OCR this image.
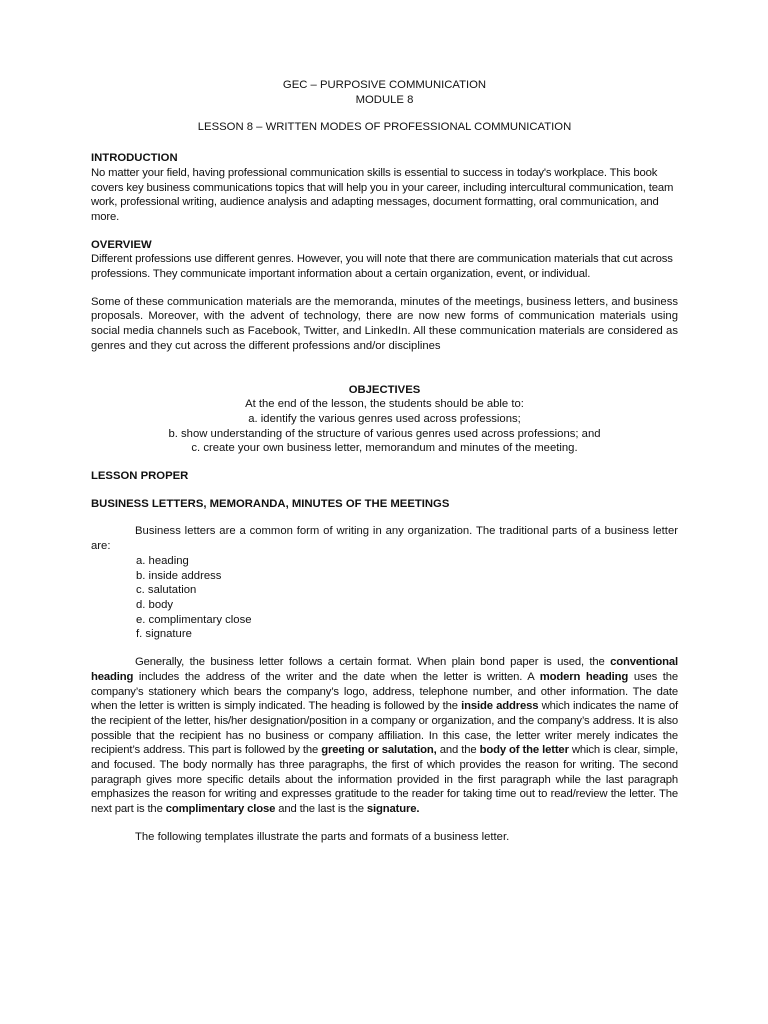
GEC – PURPOSIVE COMMUNICATION

MODULE 8

LESSON 8 – WRITTEN MODES OF PROFESSIONAL COMMUNICATION

INTRODUCTION

No matter your field, having professional communication skills is essential to success in today's workplace. This book covers key business communications topics that will help you in your career, including intercultural communication, team work, professional writing, audience analysis and adapting messages, document formatting, oral communication, and more.

OVERVIEW

Different professions use different genres. However, you will note that there are communication materials that cut across professions. They communicate important information about a certain organization, event, or individual.

Some of these communication materials are the memoranda, minutes of the meetings, business letters, and business proposals. Moreover, with the advent of technology, there are now new forms of communication materials using social media channels such as Facebook, Twitter, and LinkedIn. All these communication materials are considered as genres and they cut across the different professions and/or disciplines

OBJECTIVES

At the end of the lesson, the students should be able to:

a. identify the various genres used across professions;

b. show understanding of the structure of various genres used across professions; and

c. create your own business letter, memorandum and minutes of the meeting.

LESSON PROPER

BUSINESS LETTERS, MEMORANDA, MINUTES OF THE MEETINGS

Business letters are a common form of writing in any organization. The traditional parts of a business letter are:

a. heading
b. inside address
c. salutation
d. body
e. complimentary close
f. signature

Generally, the business letter follows a certain format. When plain bond paper is used, the conventional heading includes the address of the writer and the date when the letter is written. A modern heading uses the company’s stationery which bears the company’s logo, address, telephone number, and other information. The date when the letter is written is simply indicated. The heading is followed by the inside address which indicates the name of the recipient of the letter, his/her designation/position in a company or organization, and the company’s address. It is also possible that the recipient has no business or company affiliation. In this case, the letter writer merely indicates the recipient’s address. This part is followed by the greeting or salutation, and the body of the letter which is clear, simple, and focused. The body normally has three paragraphs, the first of which provides the reason for writing. The second paragraph gives more specific details about the information provided in the first paragraph while the last paragraph emphasizes the reason for writing and expresses gratitude to the reader for taking time out to read/review the letter. The next part is the complimentary close and the last is the signature.

The following templates illustrate the parts and formats of a business letter.
